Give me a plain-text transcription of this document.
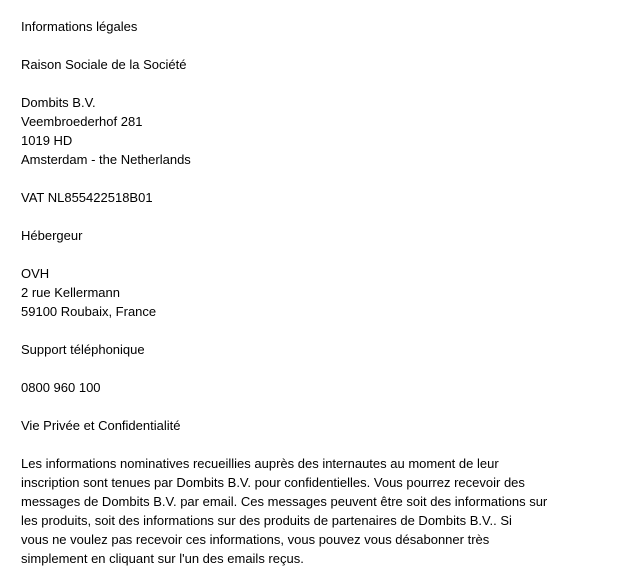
Informations légales
Raison Sociale de la Société
Dombits B.V.
Veembroederhof 281
1019 HD
Amsterdam - the Netherlands
VAT NL855422518B01
Hébergeur
OVH
2 rue Kellermann
59100 Roubaix, France
Support téléphonique
0800 960 100
Vie Privée et Confidentialité
Les informations nominatives recueillies auprès des internautes au moment de leur
inscription sont tenues par Dombits B.V. pour confidentielles. Vous pourrez recevoir des
messages de Dombits B.V. par email. Ces messages peuvent être soit des informations sur
les produits, soit des informations sur des produits de partenaires de Dombits B.V.. Si
vous ne voulez pas recevoir ces informations, vous pouvez vous désabonner très
simplement en cliquant sur l'un des emails reçus.
